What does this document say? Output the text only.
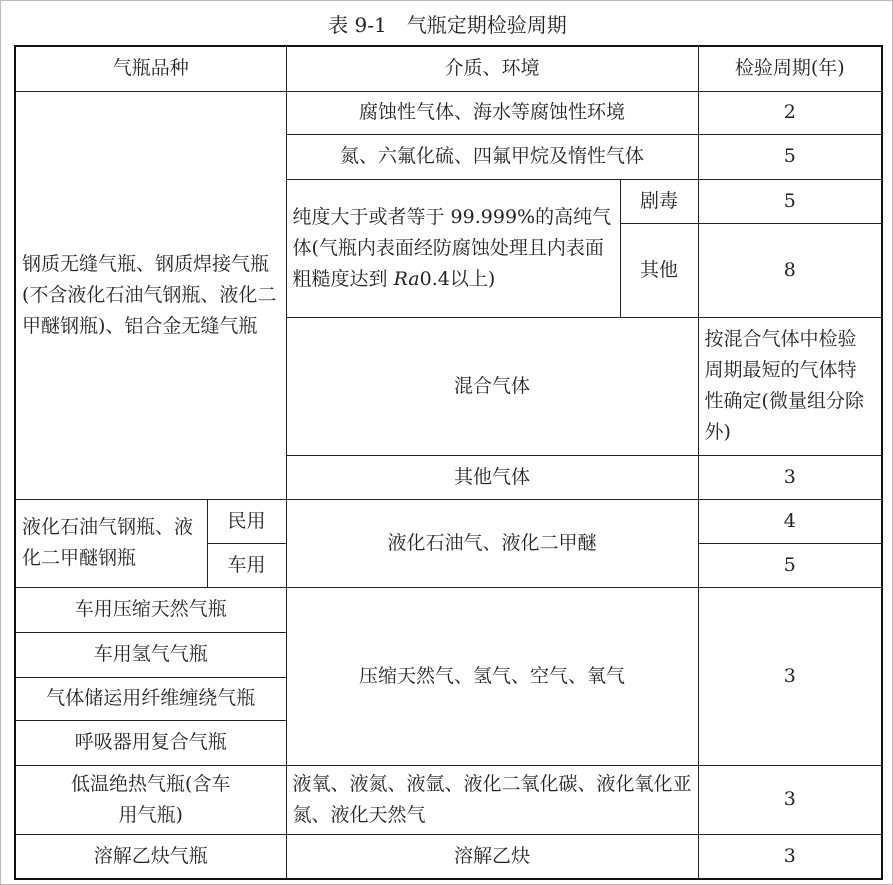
表 9-1　气瓶定期检验周期
气瓶品种		介质、环境		检验周期(年)
钢质无缝气瓶、钢质焊接气瓶(不含液化石油气钢瓶、液化二甲醚钢瓶)、铝合金无缝气瓶		腐蚀性气体、海水等腐蚀性环境		2
		氮、六氟化硫、四氟甲烷及惰性气体		5
		纯度大于或者等于 99.999%的高纯气体(气瓶内表面经防腐蚀处理且内表面粗糙度达到 Ra0.4以上)	剧毒	5
			其他	8
		混合气体		按混合气体中检验周期最短的气体特性确定(微量组分除外)
		其他气体		3
液化石油气钢瓶、液化二甲醚钢瓶	民用	液化石油气、液化二甲醚		4
	车用			5
车用压缩天然气瓶		压缩天然气、氢气、空气、氧气		3
车用氢气气瓶				
气体储运用纤维缠绕气瓶				
呼吸器用复合气瓶				
低温绝热气瓶(含车用气瓶)		液氧、液氮、液氩、液化二氧化碳、液化氧化亚氮、液化天然气		3
溶解乙炔气瓶		溶解乙炔		3
